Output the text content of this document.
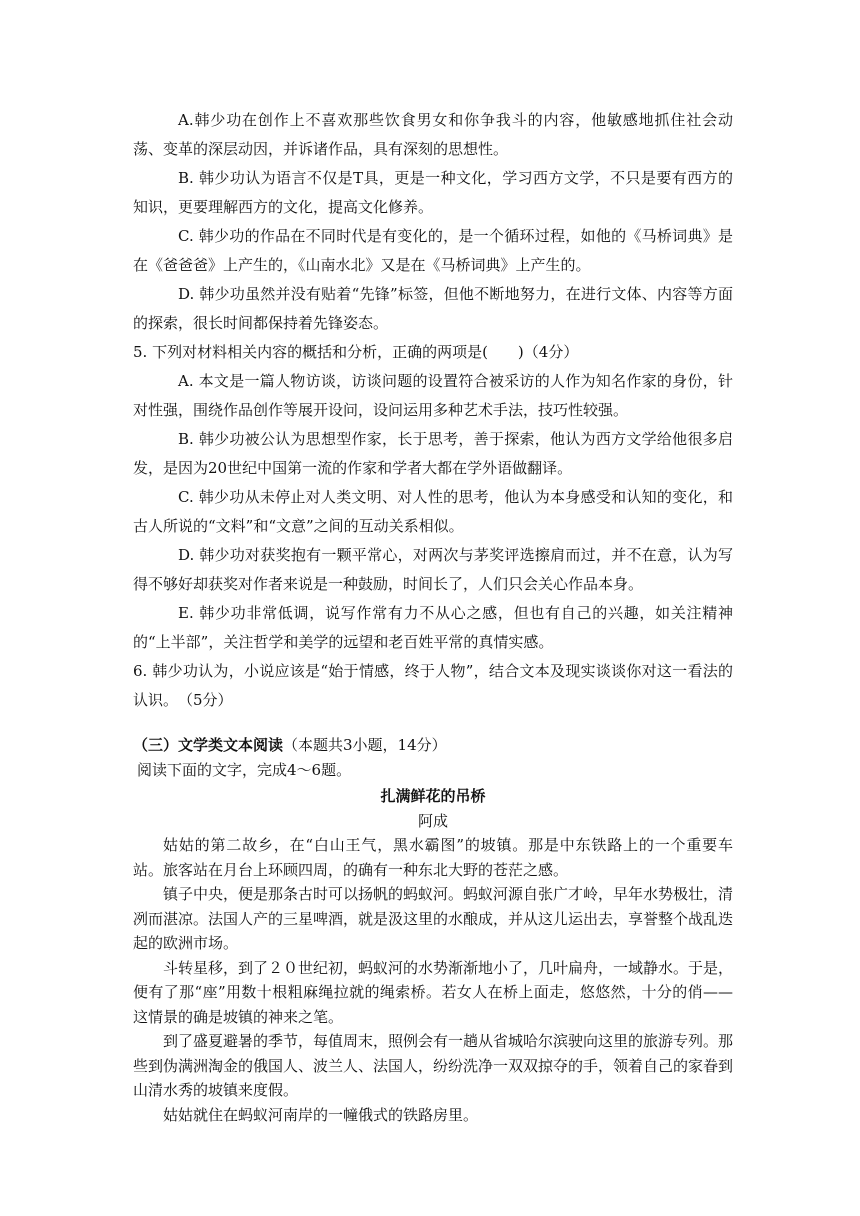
A.韩少功在创作上不喜欢那些饮食男女和你争我斗的内容，他敏感地抓住社会动荡、变革的深层动因，并诉诸作品，具有深刻的思想性。

B. 韩少功认为语言不仅是T具，更是一种文化，学习西方文学，不只是要有西方的知识，更要理解西方的文化，提高文化修养。

C. 韩少功的作品在不同时代是有变化的，是一个循环过程，如他的《马桥词典》是在《爸爸爸》上产生的，《山南水北》又是在《马桥词典》上产生的。

D. 韩少功虽然并没有贴着“先锋”标签，但他不断地努力，在进行文体、内容等方面的探索，很长时间都保持着先锋姿态。

5. 下列对材料相关内容的概括和分析，正确的两项是(　　)（4分）

A. 本文是一篇人物访谈，访谈问题的设置符合被采访的人作为知名作家的身份，针对性强，围绕作品创作等展开设问，设问运用多种艺术手法，技巧性较强。

B. 韩少功被公认为思想型作家，长于思考，善于探索，他认为西方文学给他很多启发，是因为20世纪中国第一流的作家和学者大都在学外语做翻译。

C. 韩少功从未停止对人类文明、对人性的思考，他认为本身感受和认知的变化，和古人所说的“文料”和“文意”之间的互动关系相似。

D. 韩少功对获奖抱有一颗平常心，对两次与茅奖评选擦肩而过，并不在意，认为写得不够好却获奖对作者来说是一种鼓励，时间长了，人们只会关心作品本身。

E. 韩少功非常低调，说写作常有力不从心之感，但也有自己的兴趣，如关注精神的“上半部”，关注哲学和美学的远望和老百姓平常的真情实感。

6. 韩少功认为，小说应该是“始于情感，终于人物”，结合文本及现实谈谈你对这一看法的认识。　（5分）

（三）文学类文本阅读（本题共3小题，14分）

阅读下面的文字，完成4～6题。

扎满鲜花的吊桥

阿成

姑姑的第二故乡，在“白山王气，黑水霸图”的坡镇。那是中东铁路上的一个重要车站。旅客站在月台上环顾四周，的确有一种东北大野的苍茫之感。

镇子中央，便是那条古时可以扬帆的蚂蚁河。蚂蚁河源自张广才岭，早年水势极壮，清冽而湛凉。法国人产的三星啤酒，就是汲这里的水酿成，并从这儿运出去，享誉整个战乱迭起的欧洲市场。

斗转星移，到了２０世纪初，蚂蚁河的水势渐渐地小了，几叶扁舟，一域静水。于是，便有了那“座”用数十根粗麻绳拉就的绳索桥。若女人在桥上面走，悠悠然，十分的俏——这情景的确是坡镇的神来之笔。

到了盛夏避暑的季节，每值周末，照例会有一趟从省城哈尔滨驶向这里的旅游专列。那些到伪满洲淘金的俄国人、波兰人、法国人，纷纷洗净一双双掠夺的手，领着自己的家眷到山清水秀的坡镇来度假。

姑姑就住在蚂蚁河南岸的一幢俄式的铁路房里。
